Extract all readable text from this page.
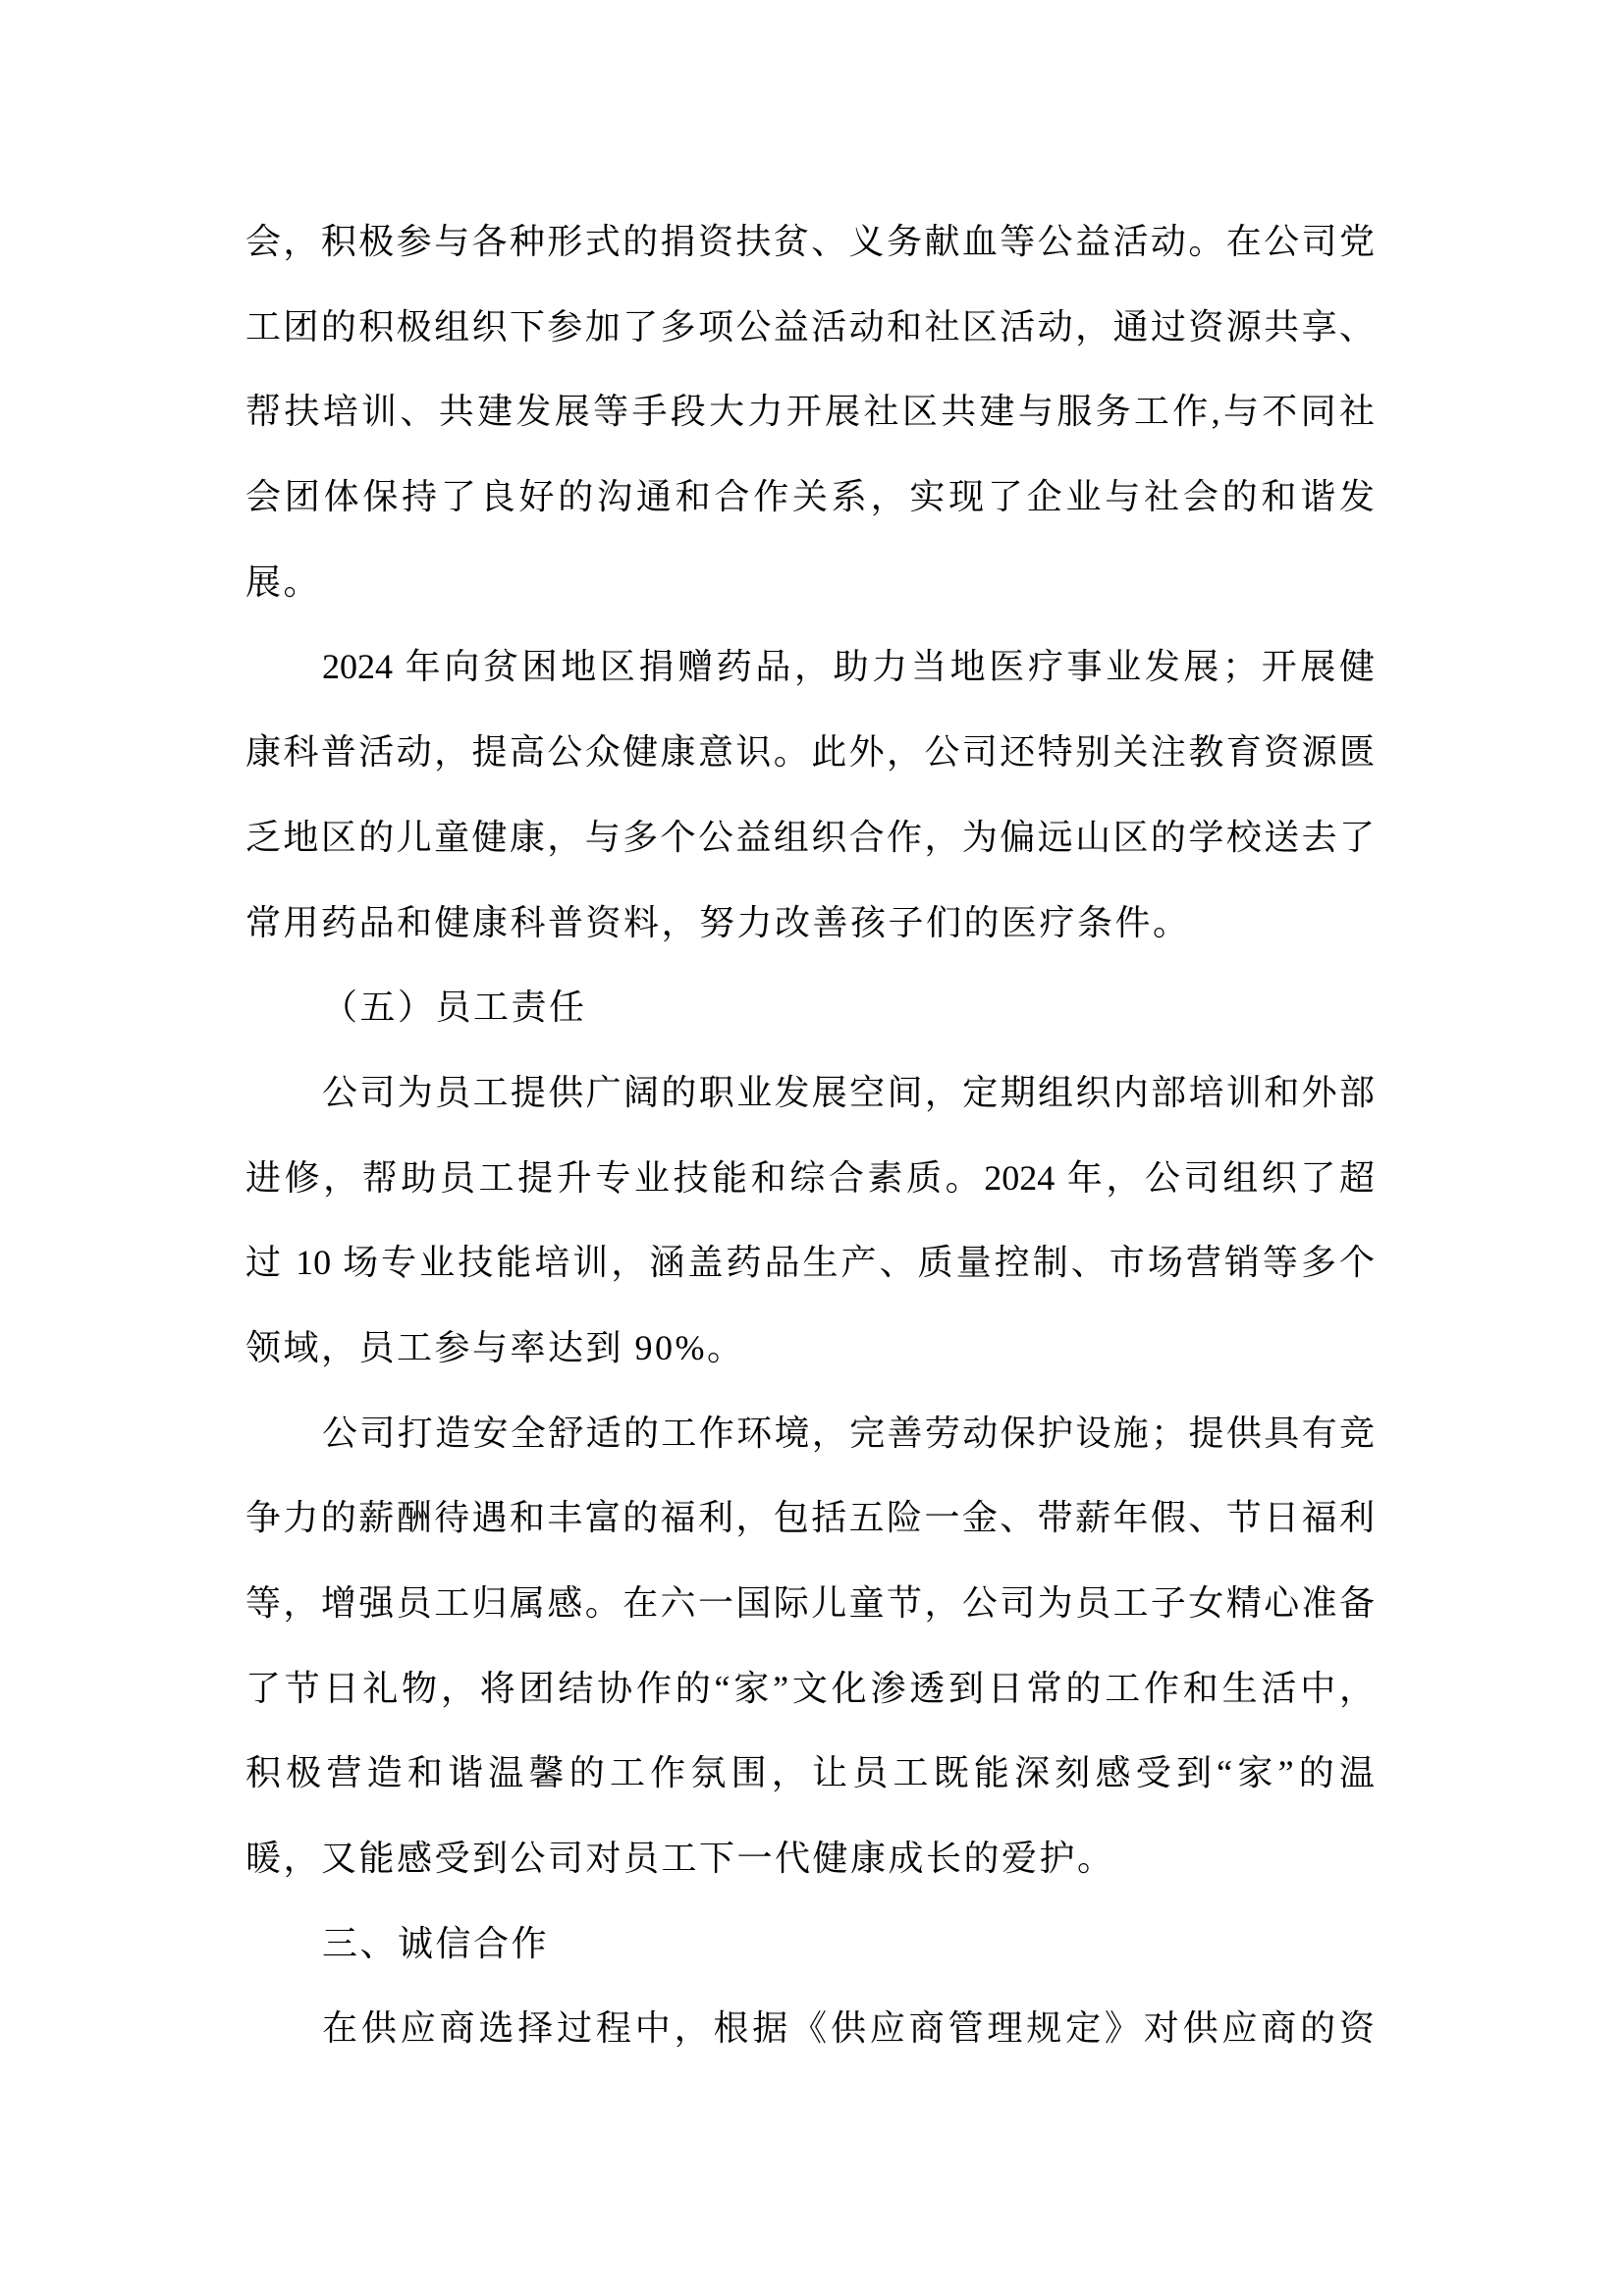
会，积极参与各种形式的捐资扶贫、义务献血等公益活动。在公司党
工团的积极组织下参加了多项公益活动和社区活动，通过资源共享、
帮扶培训、共建发展等手段大力开展社区共建与服务工作,与不同社
会团体保持了良好的沟通和合作关系，实现了企业与社会的和谐发
展。
2024 年向贫困地区捐赠药品，助力当地医疗事业发展；开展健
康科普活动，提高公众健康意识。此外，公司还特别关注教育资源匮
乏地区的儿童健康，与多个公益组织合作，为偏远山区的学校送去了
常用药品和健康科普资料，努力改善孩子们的医疗条件。
（五）员工责任
公司为员工提供广阔的职业发展空间，定期组织内部培训和外部
进修，帮助员工提升专业技能和综合素质。2024 年，公司组织了超
过 10 场专业技能培训，涵盖药品生产、质量控制、市场营销等多个
领域，员工参与率达到 90%。
公司打造安全舒适的工作环境，完善劳动保护设施；提供具有竞
争力的薪酬待遇和丰富的福利，包括五险一金、带薪年假、节日福利
等，增强员工归属感。在六一国际儿童节，公司为员工子女精心准备
了节日礼物，将团结协作的“家”文化渗透到日常的工作和生活中，
积极营造和谐温馨的工作氛围，让员工既能深刻感受到“家”的温
暖，又能感受到公司对员工下一代健康成长的爱护。
三、诚信合作
在供应商选择过程中，根据《供应商管理规定》对供应商的资
